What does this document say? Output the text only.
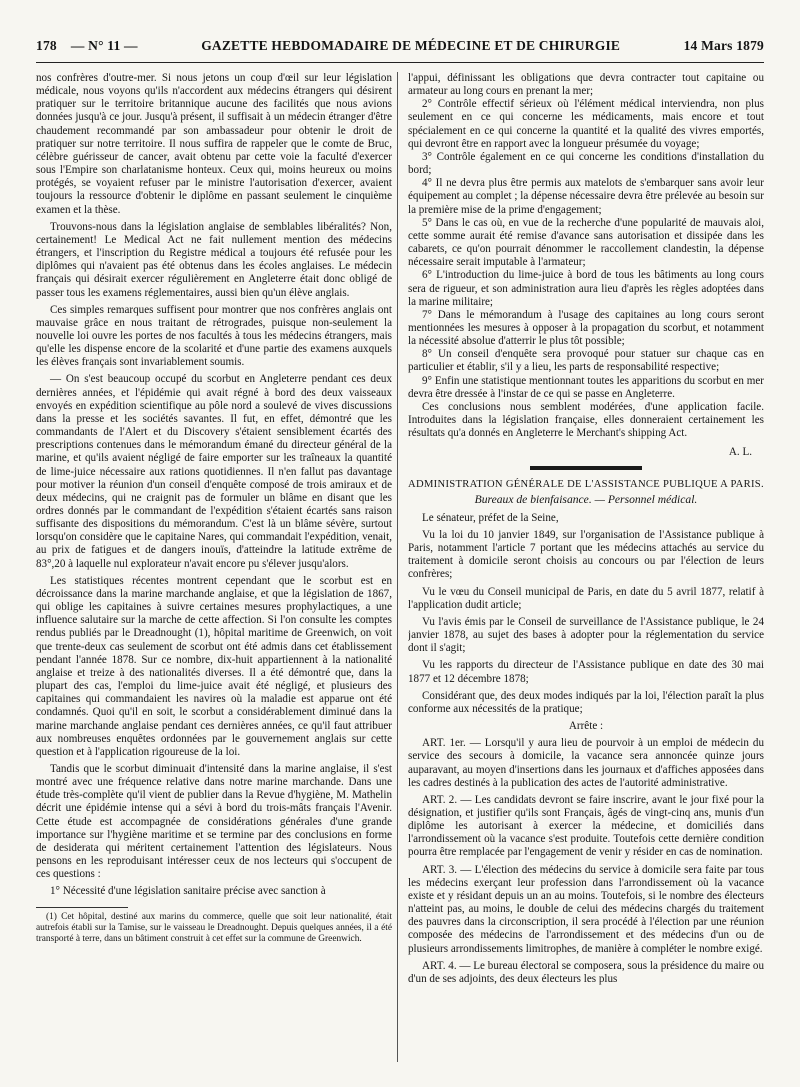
178 — N° 11 —	GAZETTE HEBDOMADAIRE DE MÉDECINE ET DE CHIRURGIE	14 Mars 1879

nos confrères d'outre-mer. Si nous jetons un coup d'œil sur leur législation médicale, nous voyons qu'ils n'accordent aux médecins étrangers qui désirent pratiquer sur le territoire britannique aucune des facilités que nous avions données jusqu'à ce jour. Jusqu'à présent, il suffisait à un médecin étranger d'être chaudement recommandé par son ambassadeur pour obtenir le droit de pratiquer sur notre territoire. Il nous suffira de rappeler que le comte de Bruc, célèbre guérisseur de cancer, avait obtenu par cette voie la faculté d'exercer sous l'Empire son charlatanisme honteux. Ceux qui, moins heureux ou moins protégés, se voyaient refuser par le ministre l'autorisation d'exercer, avaient toujours la ressource d'obtenir le diplôme en passant seulement le cinquième examen et la thèse.

Trouvons-nous dans la législation anglaise de semblables libéralités? Non, certainement! Le Medical Act ne fait nullement mention des médecins étrangers, et l'inscription du Registre médical a toujours été refusée pour les diplômes qui n'avaient pas été obtenus dans les écoles anglaises. Le médecin français qui désirait exercer régulièrement en Angleterre était donc obligé de passer tous les examens réglementaires, aussi bien qu'un élève anglais.

Ces simples remarques suffisent pour montrer que nos confrères anglais ont mauvaise grâce en nous traitant de rétrogrades, puisque non-seulement la nouvelle loi ouvre les portes de nos facultés à tous les médecins étrangers, mais qu'elle les dispense encore de la scolarité et d'une partie des examens auxquels les élèves français sont invariablement soumis.

— On s'est beaucoup occupé du scorbut en Angleterre pendant ces deux dernières années, et l'épidémie qui avait régné à bord des deux vaisseaux envoyés en expédition scientifique au pôle nord a soulevé de vives discussions dans la presse et les sociétés savantes. Il fut, en effet, démontré que les commandants de l'Alert et du Discovery s'étaient sensiblement écartés des prescriptions contenues dans le mémorandum émané du directeur général de la marine, et qu'ils avaient négligé de faire emporter sur les traîneaux la quantité de lime-juice nécessaire aux rations quotidiennes. Il n'en fallut pas davantage pour motiver la réunion d'un conseil d'enquête composé de trois amiraux et de deux médecins, qui ne craignit pas de formuler un blâme en disant que les ordres donnés par le commandant de l'expédition s'étaient écartés sans raison suffisante des dispositions du mémorandum. C'est là un blâme sévère, surtout lorsqu'on considère que le capitaine Nares, qui commandait l'expédition, venait, au prix de fatigues et de dangers inouïs, d'atteindre la latitude extrême de 83°,20 à laquelle nul explorateur n'avait encore pu s'élever jusqu'alors.

Les statistiques récentes montrent cependant que le scorbut est en décroissance dans la marine marchande anglaise, et que la législation de 1867, qui oblige les capitaines à suivre certaines mesures prophylactiques, a une influence salutaire sur la marche de cette affection. Si l'on consulte les comptes rendus publiés par le Dreadnought (1), hôpital maritime de Greenwich, on voit que trente-deux cas seulement de scorbut ont été admis dans cet établissement pendant l'année 1878. Sur ce nombre, dix-huit appartiennent à la nationalité anglaise et treize à des nationalités diverses. Il a été démontré que, dans la plupart des cas, l'emploi du lime-juice avait été négligé, et plusieurs des capitaines qui commandaient les navires où la maladie est apparue ont été condamnés. Quoi qu'il en soit, le scorbut a considérablement diminué dans la marine marchande anglaise pendant ces dernières années, ce qu'il faut attribuer aux nombreuses enquêtes ordonnées par le gouvernement anglais sur cette question et à l'application rigoureuse de la loi.

Tandis que le scorbut diminuait d'intensité dans la marine anglaise, il s'est montré avec une fréquence relative dans notre marine marchande. Dans une étude très-complète qu'il vient de publier dans la Revue d'hygiène, M. Mathelin décrit une épidémie intense qui a sévi à bord du trois-mâts français l'Avenir. Cette étude est accompagnée de considérations générales d'une grande importance sur l'hygiène maritime et se termine par des conclusions en forme de desiderata qui méritent certainement l'attention des législateurs. Nous pensons en les reproduisant intéresser ceux de nos lecteurs qui s'occupent de ces questions :

1° Nécessité d'une législation sanitaire précise avec sanction à

(1) Cet hôpital, destiné aux marins du commerce, quelle que soit leur nationalité, était autrefois établi sur la Tamise, sur le vaisseau le Dreadnought. Depuis quelques années, il a été transporté à terre, dans un bâtiment construit à cet effet sur la commune de Greenwich.

l'appui, définissant les obligations que devra contracter tout capitaine ou armateur au long cours en prenant la mer;

2° Contrôle effectif sérieux où l'élément médical interviendra, non plus seulement en ce qui concerne les médicaments, mais encore et tout spécialement en ce qui concerne la quantité et la qualité des vivres emportés, qui devront être en rapport avec la longueur présumée du voyage;

3° Contrôle également en ce qui concerne les conditions d'installation du bord;

4° Il ne devra plus être permis aux matelots de s'embarquer sans avoir leur équipement au complet ; la dépense nécessaire devra être prélevée au besoin sur la première mise de la prime d'engagement;

5° Dans le cas où, en vue de la recherche d'une popularité de mauvais aloi, cette somme aurait été remise d'avance sans autorisation et dissipée dans les cabarets, ce qu'on pourrait dénommer le raccollement clandestin, la dépense nécessaire serait imputable à l'armateur;

6° L'introduction du lime-juice à bord de tous les bâtiments au long cours sera de rigueur, et son administration aura lieu d'après les règles adoptées dans la marine militaire;

7° Dans le mémorandum à l'usage des capitaines au long cours seront mentionnées les mesures à opposer à la propagation du scorbut, et notamment la nécessité absolue d'atterrir le plus tôt possible;

8° Un conseil d'enquête sera provoqué pour statuer sur chaque cas en particulier et établir, s'il y a lieu, les parts de responsabilité respective;

9° Enfin une statistique mentionnant toutes les apparitions du scorbut en mer devra être dressée à l'instar de ce qui se passe en Angleterre.

Ces conclusions nous semblent modérées, d'une application facile. Introduites dans la législation française, elles donneraient certainement les résultats qu'a donnés en Angleterre le Merchant's shipping Act.

A. L.

ADMINISTRATION GÉNÉRALE DE L'ASSISTANCE PUBLIQUE A PARIS.
Bureaux de bienfaisance. — Personnel médical.

Le sénateur, préfet de la Seine,

Vu la loi du 10 janvier 1849, sur l'organisation de l'Assistance publique à Paris, notamment l'article 7 portant que les médecins attachés au service du traitement à domicile seront choisis au concours ou par l'élection de leurs confrères;

Vu le vœu du Conseil municipal de Paris, en date du 5 avril 1877, relatif à l'application dudit article;

Vu l'avis émis par le Conseil de surveillance de l'Assistance publique, le 24 janvier 1878, au sujet des bases à adopter pour la réglementation du service dont il s'agit;

Vu les rapports du directeur de l'Assistance publique en date des 30 mai 1877 et 12 décembre 1878;

Considérant que, des deux modes indiqués par la loi, l'élection paraît la plus conforme aux nécessités de la pratique;

Arrête :

ART. 1er. — Lorsqu'il y aura lieu de pourvoir à un emploi de médecin du service des secours à domicile, la vacance sera annoncée quinze jours auparavant, au moyen d'insertions dans les journaux et d'affiches apposées dans les cadres destinés à la publication des actes de l'autorité administrative.

ART. 2. — Les candidats devront se faire inscrire, avant le jour fixé pour la désignation, et justifier qu'ils sont Français, âgés de vingt-cinq ans, munis d'un diplôme les autorisant à exercer la médecine, et domiciliés dans l'arrondissement où la vacance s'est produite. Toutefois cette dernière condition pourra être remplacée par l'engagement de venir y résider en cas de nomination.

ART. 3. — L'élection des médecins du service à domicile sera faite par tous les médecins exerçant leur profession dans l'arrondissement où la vacance existe et y résidant depuis un an au moins. Toutefois, si le nombre des électeurs n'atteint pas, au moins, le double de celui des médecins chargés du traitement des pauvres dans la circonscription, il sera procédé à l'élection par une réunion composée des médecins de l'arrondissement et des médecins d'un ou de plusieurs arrondissements limitrophes, de manière à compléter le nombre exigé.

ART. 4. — Le bureau électoral se composera, sous la présidence du maire ou d'un de ses adjoints, des deux électeurs les plus
